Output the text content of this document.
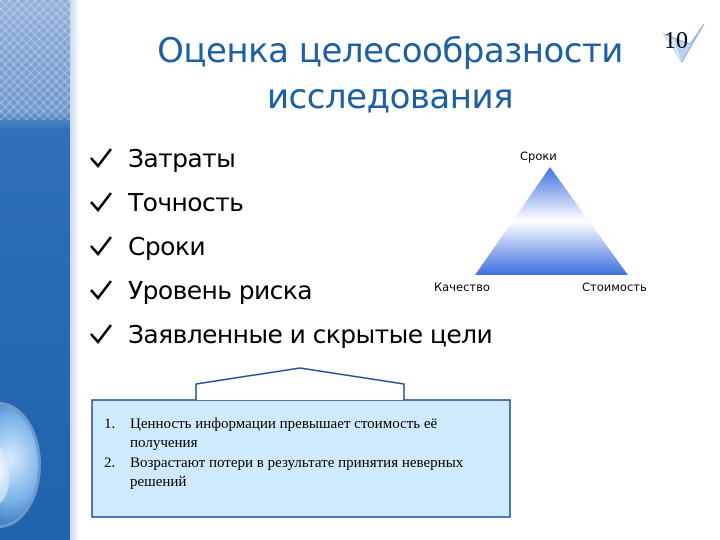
10
Оценка целесообразности исследования
Затраты
Точность
Сроки
Уровень риска
Заявленные и скрытые цели
Сроки
Качество	Стоимость
1. Ценность информации превышает стоимость её получения
2. Возрастают потери в результате принятия неверных решений
